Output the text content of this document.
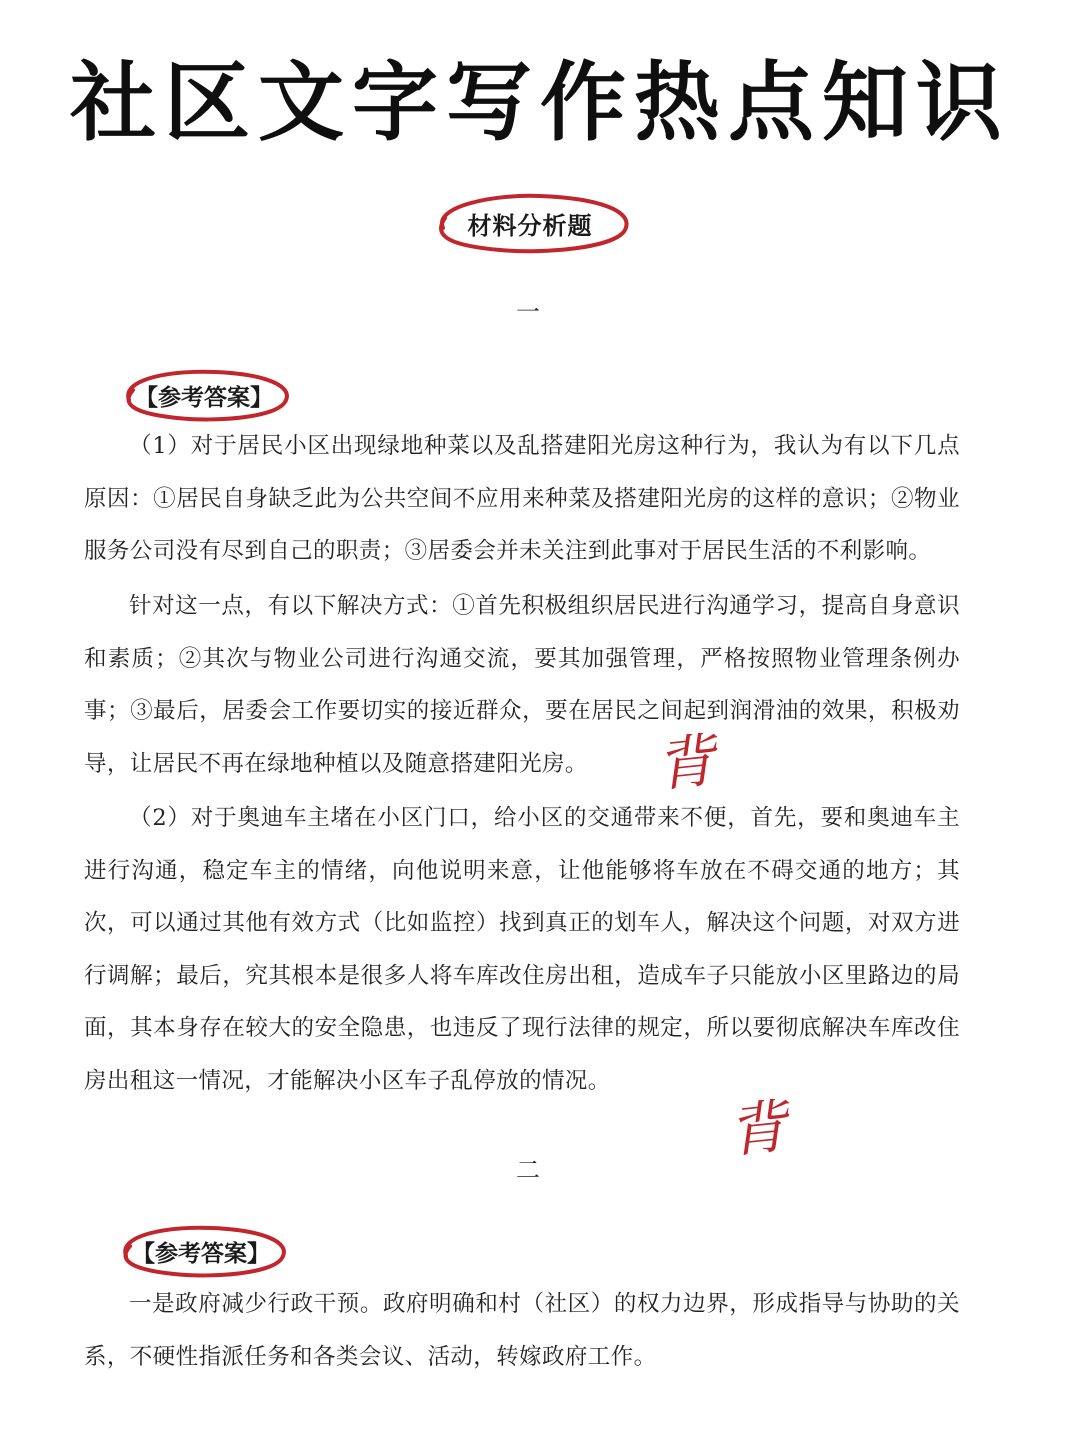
社区文字写作热点知识
材料分析题
一
【参考答案】

（1）对于居民小区出现绿地种菜以及乱搭建阳光房这种行为，我认为有以下几点原因：①居民自身缺乏此为公共空间不应用来种菜及搭建阳光房的这样的意识；②物业服务公司没有尽到自己的职责；③居委会并未关注到此事对于居民生活的不利影响。

针对这一点，有以下解决方式：①首先积极组织居民进行沟通学习，提高自身意识和素质；②其次与物业公司进行沟通交流，要其加强管理，严格按照物业管理条例办事；③最后，居委会工作要切实的接近群众，要在居民之间起到润滑油的效果，积极劝导，让居民不再在绿地种植以及随意搭建阳光房。	背

（2）对于奥迪车主堵在小区门口，给小区的交通带来不便，首先，要和奥迪车主进行沟通，稳定车主的情绪，向他说明来意，让他能够将车放在不碍交通的地方；其次，可以通过其他有效方式（比如监控）找到真正的划车人，解决这个问题，对双方进行调解；最后，究其根本是很多人将车库改住房出租，造成车子只能放小区里路边的局面，其本身存在较大的安全隐患，也违反了现行法律的规定，所以要彻底解决车库改住房出租这一情况，才能解决小区车子乱停放的情况。

背
二
【参考答案】

一是政府减少行政干预。政府明确和村（社区）的权力边界，形成指导与协助的关系，不硬性指派任务和各类会议、活动，转嫁政府工作。
